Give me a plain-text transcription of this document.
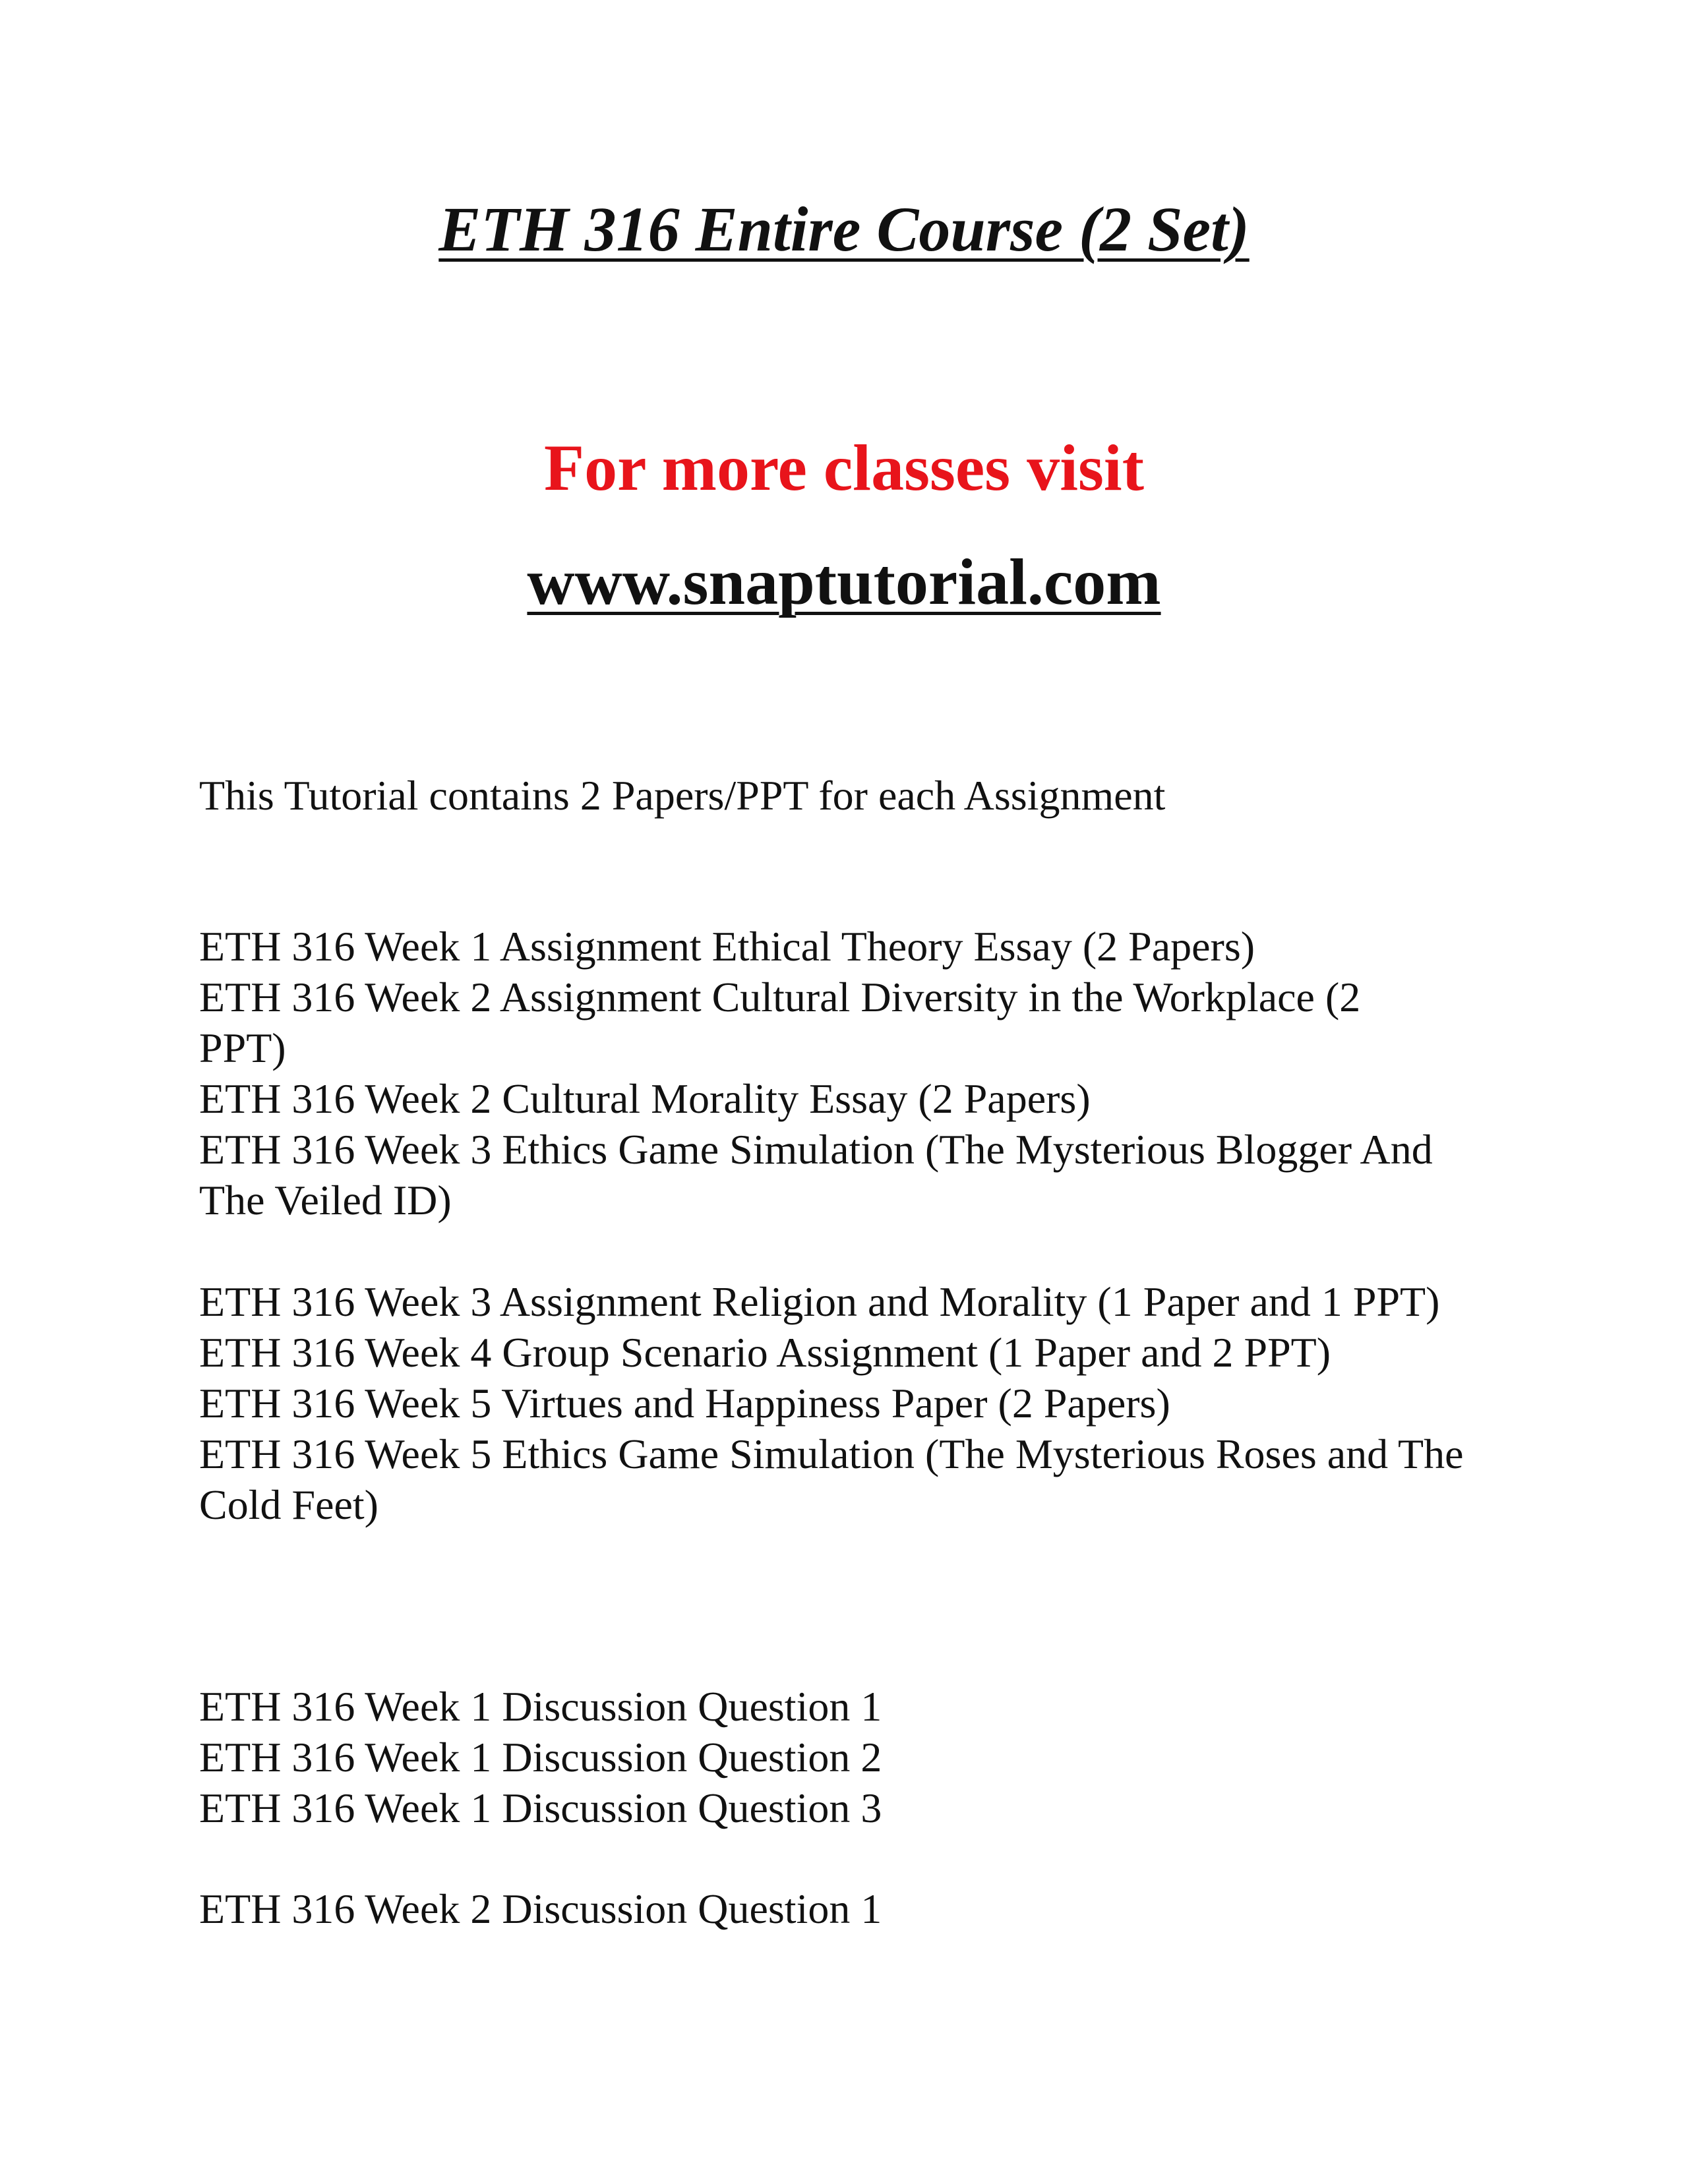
ETH 316 Entire Course (2 Set)
For more classes visit
www.snaptutorial.com
This Tutorial contains 2 Papers/PPT for each Assignment
ETH 316 Week 1 Assignment Ethical Theory Essay (2 Papers)
ETH 316 Week 2 Assignment Cultural Diversity in the Workplace (2 PPT)
ETH 316 Week 2 Cultural Morality Essay (2 Papers)
ETH 316 Week 3 Ethics Game Simulation (The Mysterious Blogger And The Veiled ID)
ETH 316 Week 3 Assignment Religion and Morality (1 Paper and 1 PPT)
ETH 316 Week 4 Group Scenario Assignment (1 Paper and 2 PPT)
ETH 316 Week 5 Virtues and Happiness Paper (2 Papers)
ETH 316 Week 5 Ethics Game Simulation (The Mysterious Roses and The Cold Feet)
ETH 316 Week 1 Discussion Question 1
ETH 316 Week 1 Discussion Question 2
ETH 316 Week 1 Discussion Question 3
ETH 316 Week 2 Discussion Question 1
